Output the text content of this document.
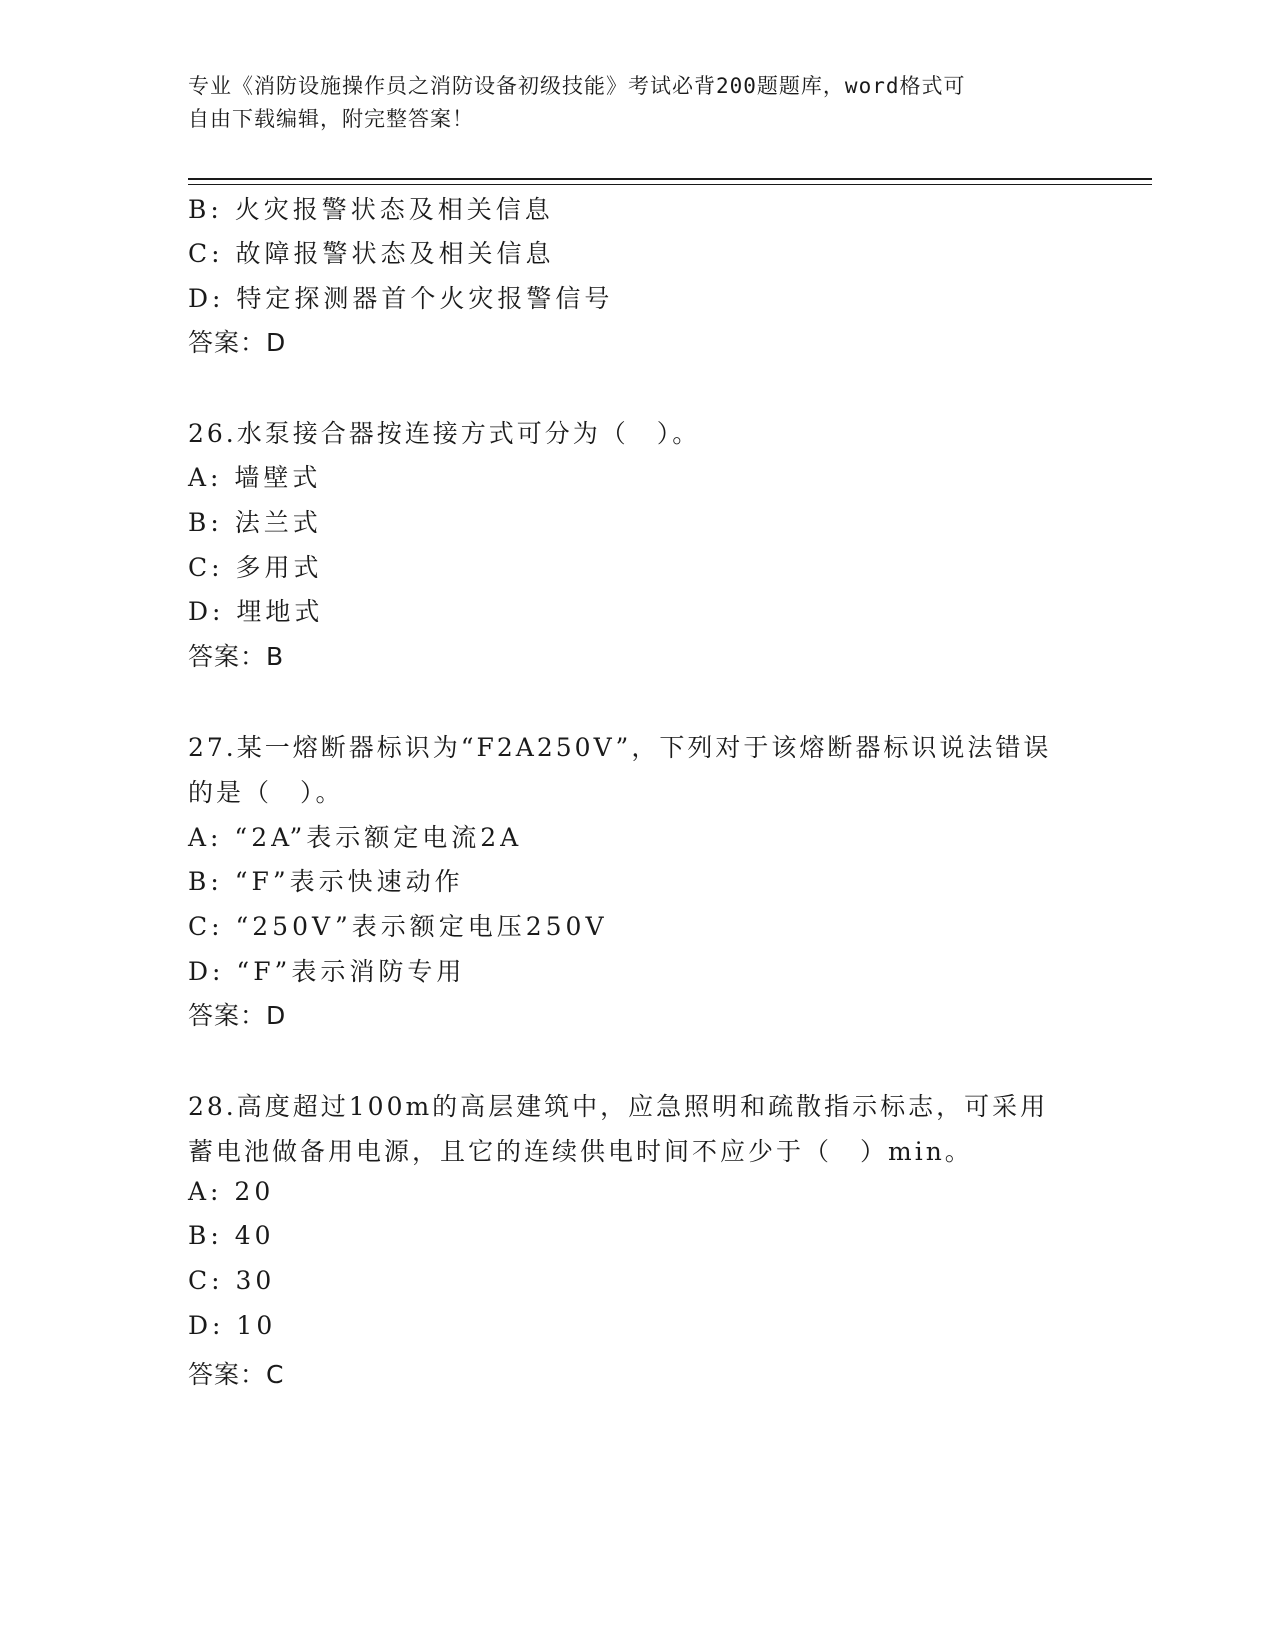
专业《消防设施操作员之消防设备初级技能》考试必背200题题库，word格式可
自由下载编辑，附完整答案！
B: 火灾报警状态及相关信息
C: 故障报警状态及相关信息
D: 特定探测器首个火灾报警信号
答案：D
26.水泵接合器按连接方式可分为（　）。
A: 墙壁式
B: 法兰式
C: 多用式
D: 埋地式
答案：B
27.某一熔断器标识为“F2A250V”，下列对于该熔断器标识说法错误
的是（　）。
A: “2A”表示额定电流2A
B: “F”表示快速动作
C: “250V”表示额定电压250V
D: “F”表示消防专用
答案：D
28.高度超过100m的高层建筑中，应急照明和疏散指示标志，可采用
蓄电池做备用电源，且它的连续供电时间不应少于（　）min。
A: 20
B: 40
C: 30
D: 10
答案：C
